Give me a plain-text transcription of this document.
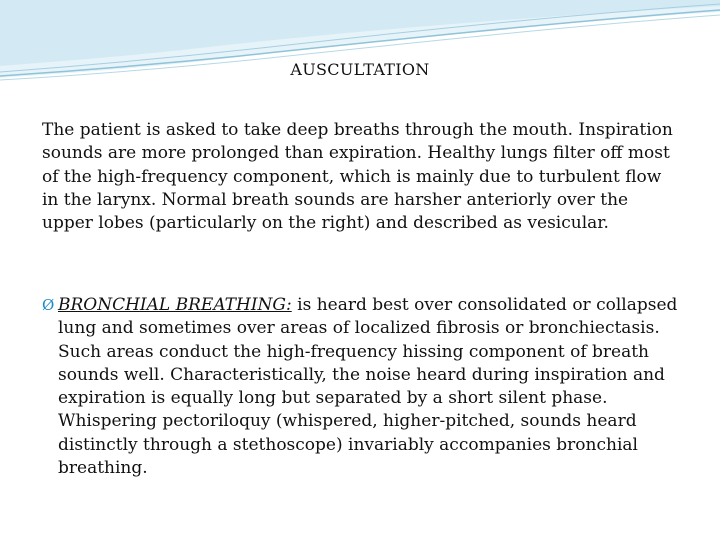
AUSCULTATION

The patient is asked to take deep breaths through the mouth. Inspiration sounds are more prolonged than expiration. Healthy lungs filter off most of the high-frequency component, which is mainly due to turbulent flow in the larynx. Normal breath sounds are harsher anteriorly over the upper lobes (particularly on the right) and described as vesicular.

Ø BRONCHIAL BREATHING: is heard best over consolidated or collapsed lung and sometimes over areas of localized fibrosis or bronchiectasis. Such areas conduct the high-frequency hissing component of breath sounds well. Characteristically, the noise heard during inspiration and expiration is equally long but separated by a short silent phase. Whispering pectoriloquy (whispered, higher-pitched, sounds heard distinctly through a stethoscope) invariably accompanies bronchial breathing.
